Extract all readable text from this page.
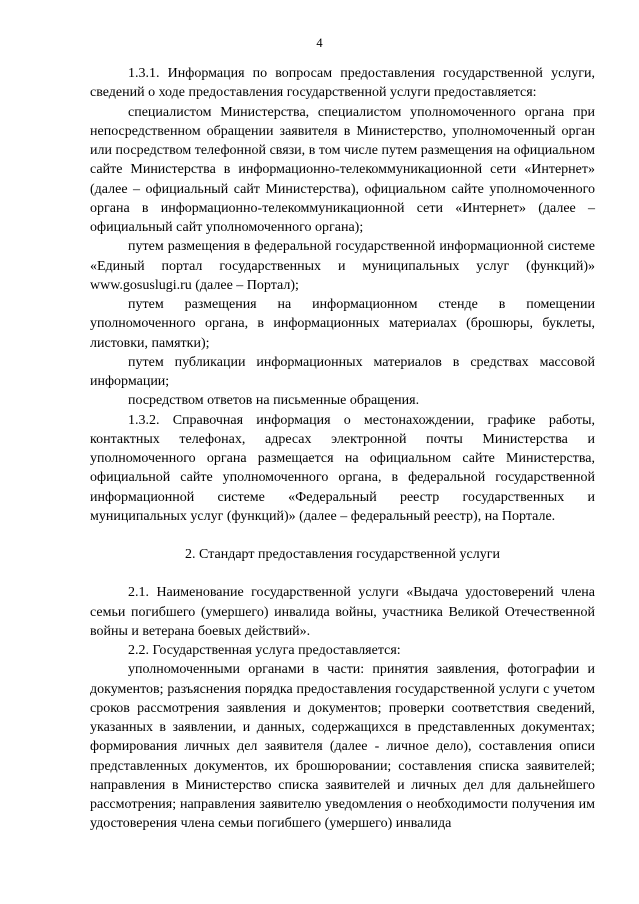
4

1.3.1. Информация по вопросам предоставления государственной услуги, сведений о ходе предоставления государственной услуги предоставляется:

специалистом Министерства, специалистом уполномоченного органа при непосредственном обращении заявителя в Министерство, уполномоченный орган или посредством телефонной связи, в том числе путем размещения на официальном сайте Министерства в информационно-телекоммуникационной сети «Интернет» (далее – официальный сайт Министерства), официальном сайте уполномоченного органа в информационно-телекоммуникационной сети «Интернет» (далее – официальный сайт уполномоченного органа);

путем размещения в федеральной государственной информационной системе «Единый портал государственных и муниципальных услуг (функций)» www.gosuslugi.ru (далее – Портал);

путем размещения на информационном стенде в помещении уполномоченного органа, в информационных материалах (брошюры, буклеты, листовки, памятки);

путем публикации информационных материалов в средствах массовой информации;

посредством ответов на письменные обращения.

1.3.2. Справочная информация о местонахождении, графике работы, контактных телефонах, адресах электронной почты Министерства и уполномоченного органа размещается на официальном сайте Министерства, официальной сайте уполномоченного органа, в федеральной государственной информационной системе «Федеральный реестр государственных и муниципальных услуг (функций)» (далее – федеральный реестр), на Портале.

2. Стандарт предоставления государственной услуги

2.1. Наименование государственной услуги «Выдача удостоверений члена семьи погибшего (умершего) инвалида войны, участника Великой Отечественной войны и ветерана боевых действий».

2.2. Государственная услуга предоставляется:

уполномоченными органами в части: принятия заявления, фотографии и документов; разъяснения порядка предоставления государственной услуги с учетом сроков рассмотрения заявления и документов; проверки соответствия сведений, указанных в заявлении, и данных, содержащихся в представленных документах; формирования личных дел заявителя (далее - личное дело), составления описи представленных документов, их брошюровании; составления списка заявителей; направления в Министерство списка заявителей и личных дел для дальнейшего рассмотрения; направления заявителю уведомления о необходимости получения им удостоверения члена семьи погибшего (умершего) инвалида
